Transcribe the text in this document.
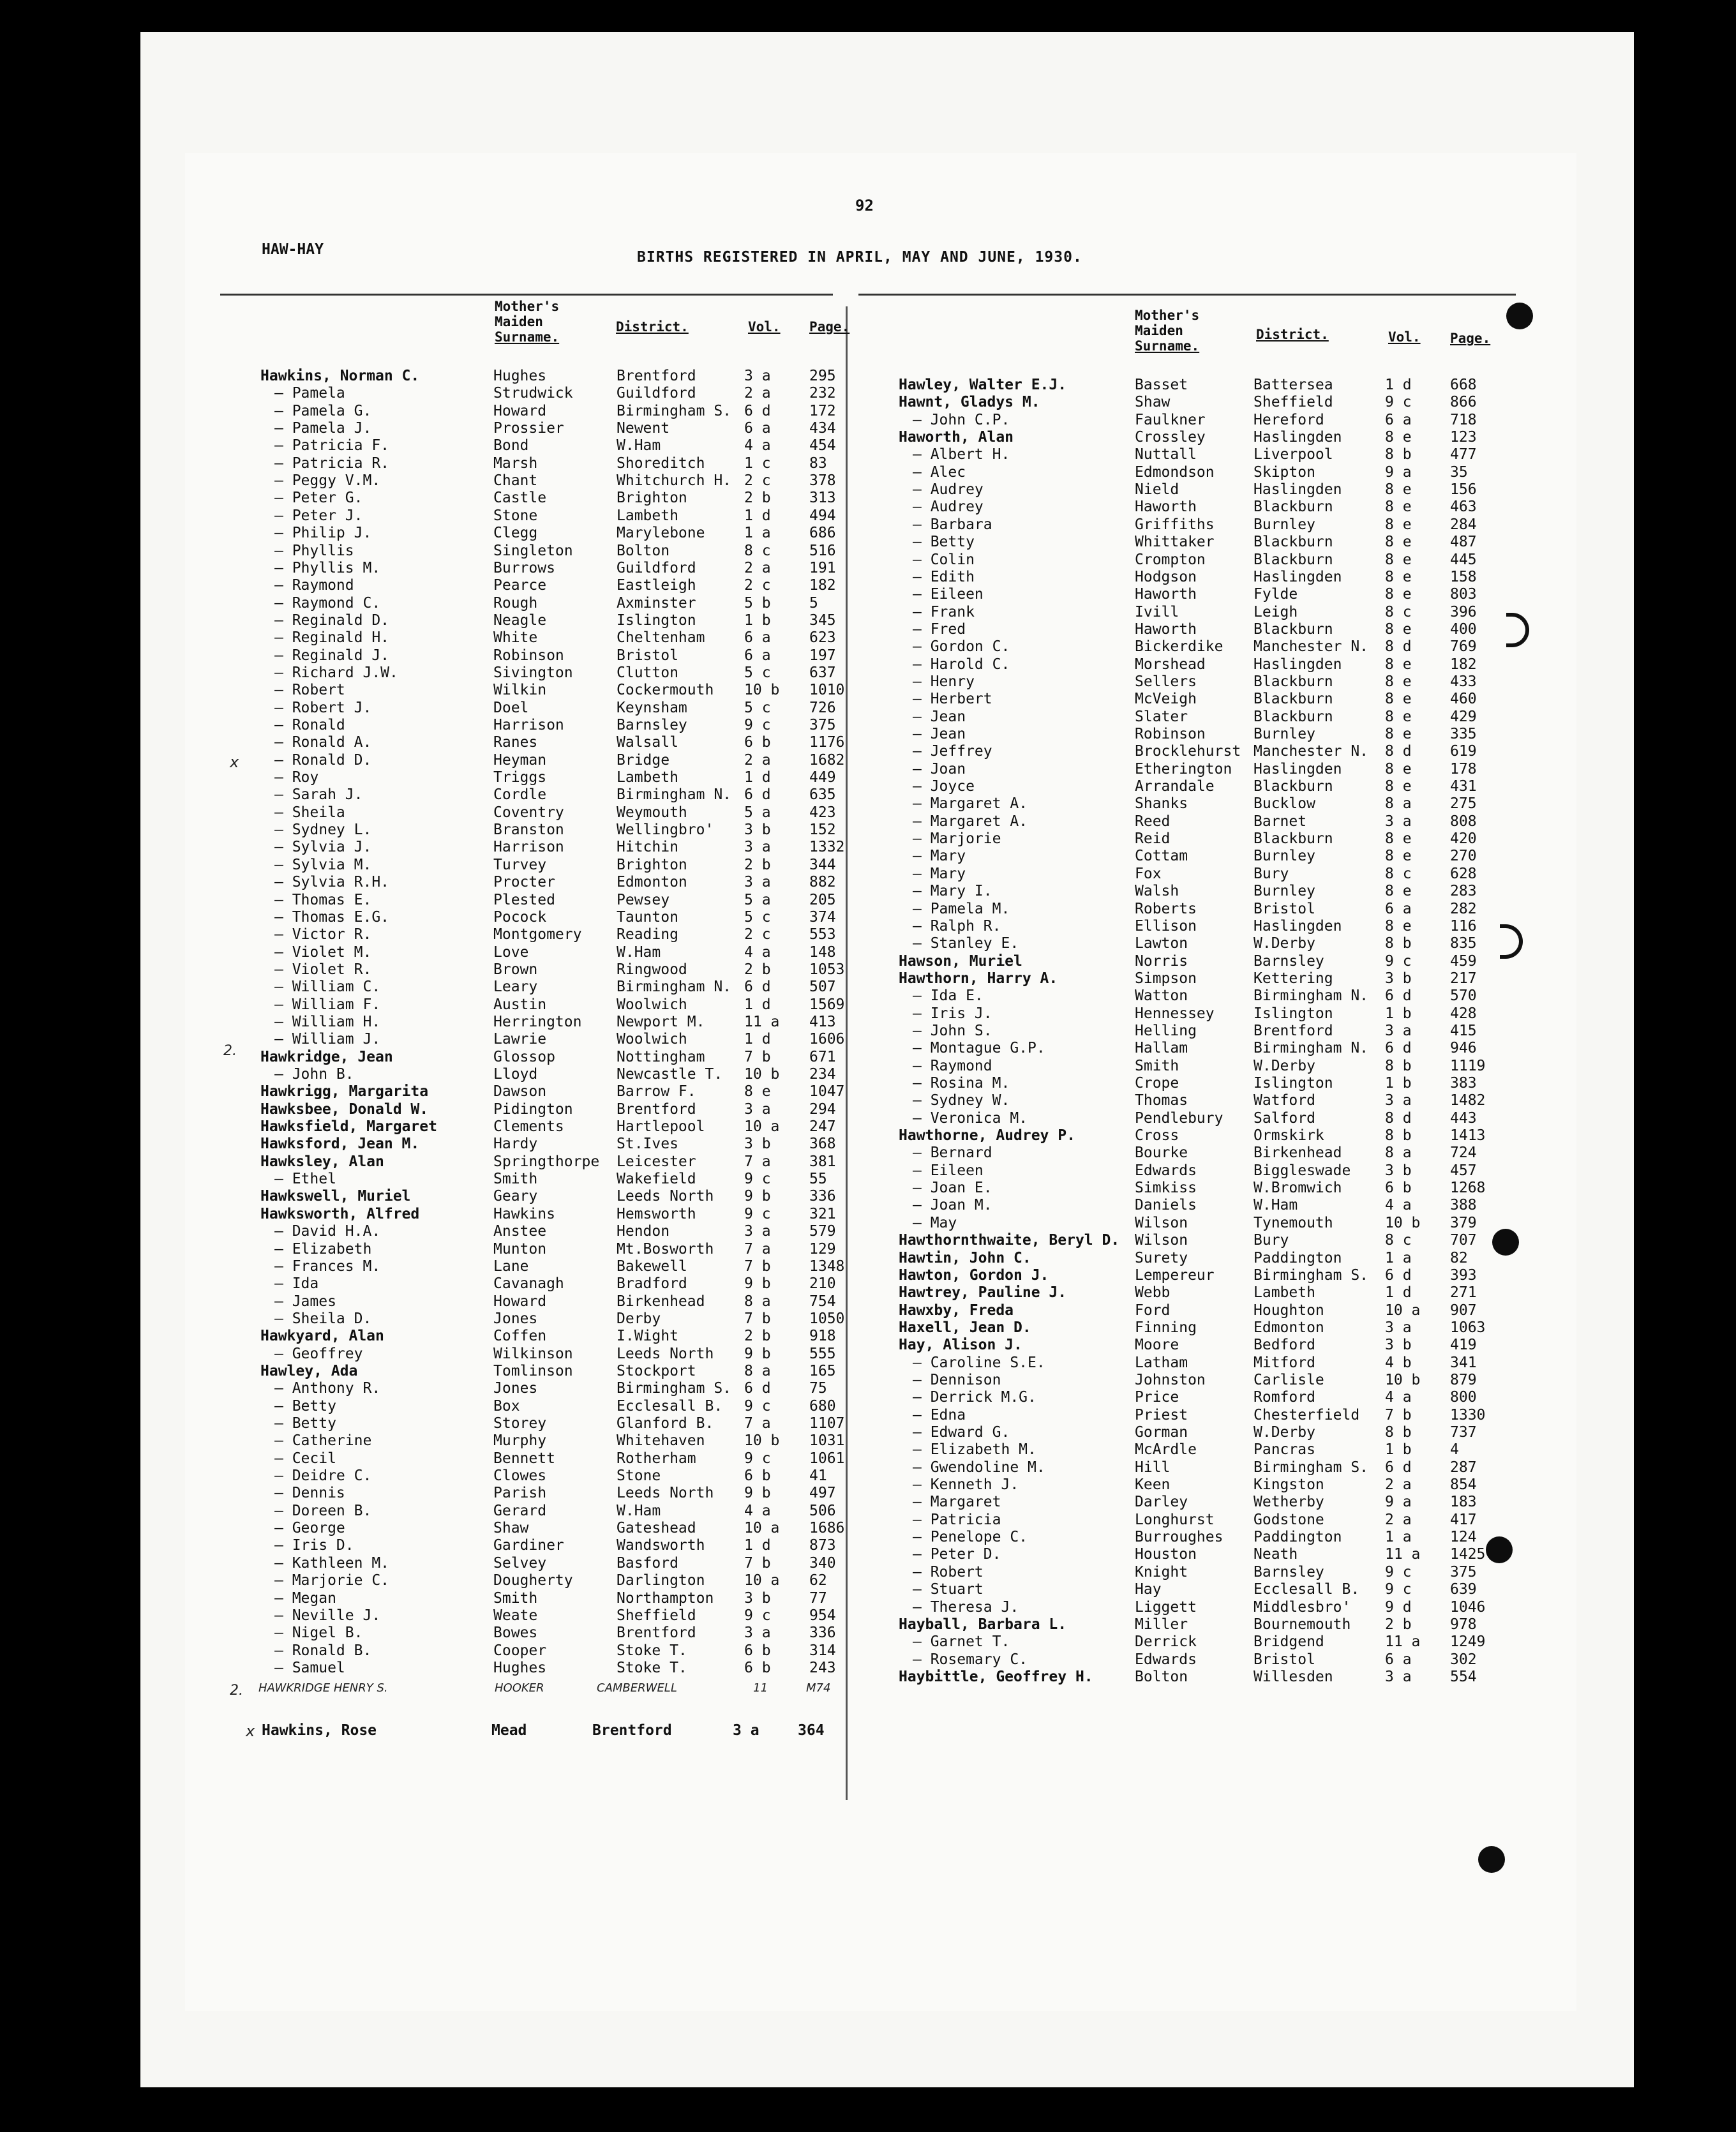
92
HAW-HAY	BIRTHS REGISTERED IN APRIL, MAY AND JUNE, 1930.
Mother's
Maiden
Surname.
District.	Vol. Page.
Mother's
Maiden
Surname.
District.	Vol. Page.
Hawkins, Norman C.	Hughes	Brentford	3 a	295
— Pamela	Strudwick	Guildford	2 a	232
— Pamela G.	Howard	Birmingham S. 6 d	172
— Pamela J.	Prossier	Newent	6 a	434
— Patricia F.	Bond	W.Ham	4 a	454
— Patricia R.	Marsh	Shoreditch	1 c	83
— Peggy V.M.	Chant	Whitchurch H. 2 c	378
— Peter G.	Castle	Brighton	2 b	313
— Peter J.	Stone	Lambeth	1 d	494
— Philip J.	Clegg	Marylebone	1 a	686
— Phyllis	Singleton	Bolton	8 c	516
— Phyllis M.	Burrows	Guildford	2 a	191
— Raymond	Pearce	Eastleigh	2 c	182
— Raymond C.	Rough	Axminster	5 b	5
— Reginald D.	Neagle	Islington	1 b	345
— Reginald H.	White	Cheltenham	6 a	623
— Reginald J.	Robinson	Bristol	6 a	197
— Richard J.W.	Sivington	Clutton	5 c	637
— Robert	Wilkin	Cockermouth 10 b 1010
— Robert J.	Doel	Keynsham	5 c	726
— Ronald	Harrison	Barnsley	9 c	375
— Ronald A.	Ranes	Walsall	6 b	1176
— Ronald D.	Heyman	Bridge	2 a	1682
— Roy	Triggs	Lambeth	1 d	449
— Sarah J.	Cordle	Birmingham N. 6 d	635
— Sheila	Coventry	Weymouth	5 a	423
— Sydney L.	Branston	Wellingbro' 3 b	152
— Sylvia J.	Harrison	Hitchin	3 a	1332
— Sylvia M.	Turvey	Brighton	2 b	344
— Sylvia R.H.	Procter	Edmonton	3 a	882
— Thomas E.	Plested	Pewsey	5 a	205
— Thomas E.G.	Pocock	Taunton	5 c	374
— Victor R.	Montgomery Reading	2 c	553
— Violet M.	Love	W.Ham	4 a	148
— Violet R.	Brown	Ringwood	2 b	1053
— William C.	Leary	Birmingham N. 6 d	507
— William F.	Austin	Woolwich	1 d	1569
— William H.	Herrington Newport M.	11 a 413
— William J.	Lawrie	Woolwich	1 d	1606
Hawkridge, Jean	Glossop	Nottingham	7 b	671
— John B.	Lloyd	Newcastle T. 10 b 234
Hawkrigg, Margarita	Dawson	Barrow F.	8 e	1047
Hawksbee, Donald W.	Pidington	Brentford	3 a	294
Hawksfield, Margaret	Clements	Hartlepool	10 a 247
Hawksford, Jean M.	Hardy	St.Ives	3 b	368
Hawksley, Alan	Springthorpe Leicester	7 a	381
— Ethel	Smith	Wakefield	9 c	55
Hawkswell, Muriel	Geary	Leeds North 9 b	336
Hawksworth, Alfred	Hawkins	Hemsworth	9 c	321
— David H.A.	Anstee	Hendon	3 a	579
— Elizabeth	Munton	Mt.Bosworth 7 a	129
— Frances M.	Lane	Bakewell	7 b	1348
— Ida	Cavanagh	Bradford	9 b	210
— James	Howard	Birkenhead	8 a	754
— Sheila D.	Jones	Derby	7 b	1050
Hawkyard, Alan	Coffen	I.Wight	2 b	918
— Geoffrey	Wilkinson	Leeds North 9 b	555
Hawley, Ada	Tomlinson	Stockport	8 a	165
— Anthony R.	Jones	Birmingham S. 6 d	75
— Betty	Box	Ecclesall B. 9 c	680
— Betty	Storey	Glanford B. 7 a	1107
— Catherine	Murphy	Whitehaven	10 b 1031
— Cecil	Bennett	Rotherham	9 c	1061
— Deidre C.	Clowes	Stone	6 b	41
— Dennis	Parish	Leeds North 9 b	497
— Doreen B.	Gerard	W.Ham	4 a	506
— George	Shaw	Gateshead	10 a 1686
— Iris D.	Gardiner	Wandsworth	1 d	873
— Kathleen M.	Selvey	Basford	7 b	340
— Marjorie C.	Dougherty	Darlington	10 a 62
— Megan	Smith	Northampton 3 b	77
— Neville J.	Weate	Sheffield	9 c	954
— Nigel B.	Bowes	Brentford	3 a	336
— Ronald B.	Cooper	Stoke T.	6 b	314
— Samuel	Hughes	Stoke T.	6 b	243
Hawley, Walter E.J.	Basset	Battersea	1 d	668
Hawnt, Gladys M.	Shaw	Sheffield	9 c	866
— John C.P.	Faulkner	Hereford	6 a	718
Haworth, Alan	Crossley	Haslingden	8 e	123
— Albert H.	Nuttall	Liverpool	8 b	477
— Alec	Edmondson	Skipton	9 a	35
— Audrey	Nield	Haslingden	8 e	156
— Audrey	Haworth	Blackburn	8 e	463
— Barbara	Griffiths	Burnley	8 e	284
— Betty	Whittaker	Blackburn	8 e	487
— Colin	Crompton	Blackburn	8 e	445
— Edith	Hodgson	Haslingden	8 e	158
— Eileen	Haworth	Fylde	8 e	803
— Frank	Ivill	Leigh	8 c	396
— Fred	Haworth	Blackburn	8 e	400
— Gordon C.	Bickerdike Manchester N. 8 d	769
— Harold C.	Morshead	Haslingden	8 e	182
— Henry	Sellers	Blackburn	8 e	433
— Herbert	McVeigh	Blackburn	8 e	460
— Jean	Slater	Blackburn	8 e	429
— Jean	Robinson	Burnley	8 e	335
— Jeffrey	Brocklehurst Manchester N. 8 d	619
— Joan	Etherington Haslingden	8 e	178
— Joyce	Arrandale	Blackburn	8 e	431
— Margaret A.	Shanks	Bucklow	8 a	275
— Margaret A.	Reed	Barnet	3 a	808
— Marjorie	Reid	Blackburn	8 e	420
— Mary	Cottam	Burnley	8 e	270
— Mary	Fox	Bury	8 c	628
— Mary I.	Walsh	Burnley	8 e	283
— Pamela M.	Roberts	Bristol	6 a	282
— Ralph R.	Ellison	Haslingden	8 e	116
— Stanley E.	Lawton	W.Derby	8 b	835
Hawson, Muriel	Norris	Barnsley	9 c	459
Hawthorn, Harry A.	Simpson	Kettering	3 b	217
— Ida E.	Watton	Birmingham N. 6 d	570
— Iris J.	Hennessey	Islington	1 b	428
— John S.	Helling	Brentford	3 a	415
— Montague G.P.	Hallam	Birmingham N. 6 d	946
— Raymond	Smith	W.Derby	8 b	1119
— Rosina M.	Crope	Islington	1 b	383
— Sydney W.	Thomas	Watford	3 a	1482
— Veronica M.	Pendlebury Salford	8 d	443
Hawthorne, Audrey P.	Cross	Ormskirk	8 b	1413
— Bernard	Bourke	Birkenhead	8 a	724
— Eileen	Edwards	Biggleswade 3 b	457
— Joan E.	Simkiss	W.Bromwich	6 b	1268
— Joan M.	Daniels	W.Ham	4 a	388
— May	Wilson	Tynemouth	10 b 379
Hawthornthwaite, Beryl D. Wilson	Bury	8 c	707
Hawtin, John C.	Surety	Paddington	1 a	82
Hawton, Gordon J.	Lempereur	Birmingham S. 6 d	393
Hawtrey, Pauline J.	Webb	Lambeth	1 d	271
Hawxby, Freda	Ford	Houghton	10 a 907
Haxell, Jean D.	Finning	Edmonton	3 a	1063
Hay, Alison J.	Moore	Bedford	3 b	419
— Caroline S.E.	Latham	Mitford	4 b	341
— Dennison	Johnston	Carlisle	10 b 879
— Derrick M.G.	Price	Romford	4 a	800
— Edna	Priest	Chesterfield 7 b	1330
— Edward G.	Gorman	W.Derby	8 b	737
— Elizabeth M.	McArdle	Pancras	1 b	4
— Gwendoline M.	Hill	Birmingham S. 6 d	287
— Kenneth J.	Keen	Kingston	2 a	854
— Margaret	Darley	Wetherby	9 a	183
— Patricia	Longhurst	Godstone	2 a	417
— Penelope C.	Burroughes Paddington	1 a	124
— Peter D.	Houston	Neath	11 a 1425
— Robert	Knight	Barnsley	9 c	375
— Stuart	Hay	Ecclesall B. 9 c	639
— Theresa J.	Liggett	Middlesbro' 9 d	1046
Hayball, Barbara L.	Miller	Bournemouth 2 b	978
— Garnet T.	Derrick	Bridgend	11 a 1249
— Rosemary C.	Edwards	Bristol	6 a	302
Haybittle, Geoffrey H.	Bolton	Willesden	3 a	554
HAWKRIDGE HENRY S.	HOOKER	CAMBERWELL	11	M74
Hawkins, Rose	Mead	Brentford	3 a	364
x
x
2.
2.
